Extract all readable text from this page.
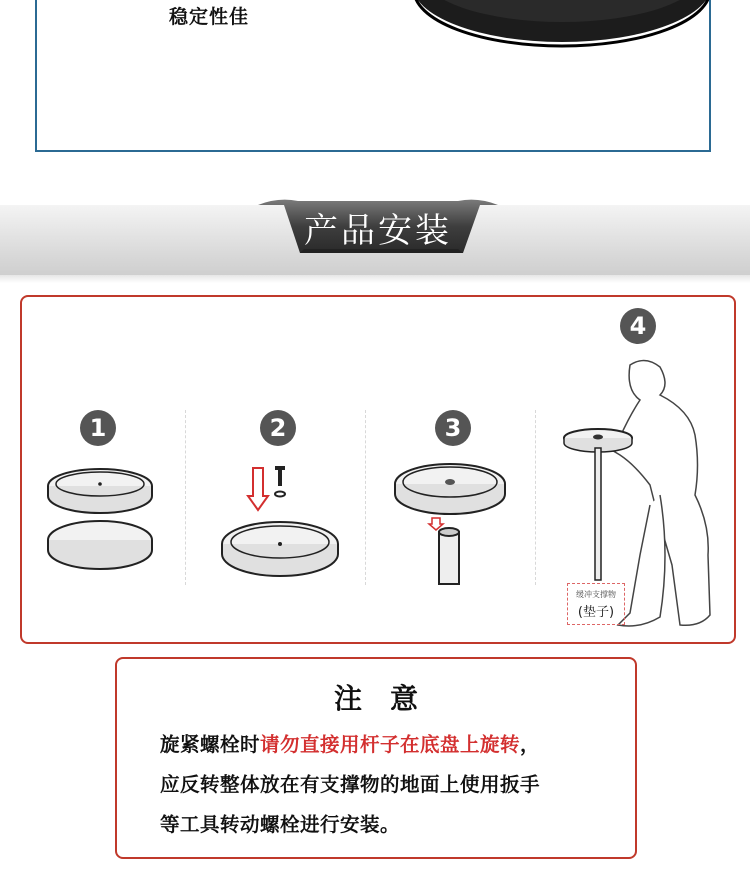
稳定性佳
产品安装
1	2	3
4
缓冲支撑物
(垫子)
注意
旋紧螺栓时请勿直接用杆子在底盘上旋转，
应反转整体放在有支撑物的地面上使用扳手
等工具转动螺栓进行安装。
